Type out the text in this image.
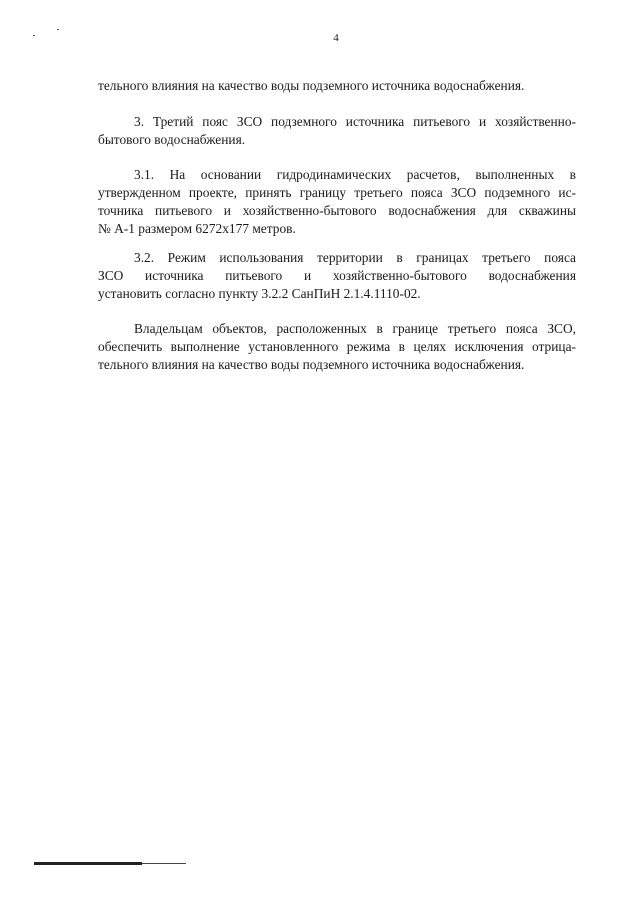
4
тельного влияния на качество воды подземного источника водоснабжения.
3. Третий пояс ЗСО подземного источника питьевого и хозяйственно-
бытового водоснабжения.
3.1. На основании гидродинамических расчетов, выполненных в
утвержденном проекте, принять границу третьего пояса ЗСО подземного ис-
точника питьевого и хозяйственно-бытового водоснабжения для скважины
№ А-1 размером 6272x177 метров.
3.2. Режим использования территории в границах третьего пояса
ЗСО источника питьевого и хозяйственно-бытового водоснабжения
установить согласно пункту 3.2.2 СанПиН 2.1.4.1110-02.
Владельцам объектов, расположенных в границе третьего пояса ЗСО,
обеспечить выполнение установленного режима в целях исключения отрица-
тельного влияния на качество воды подземного источника водоснабжения.
